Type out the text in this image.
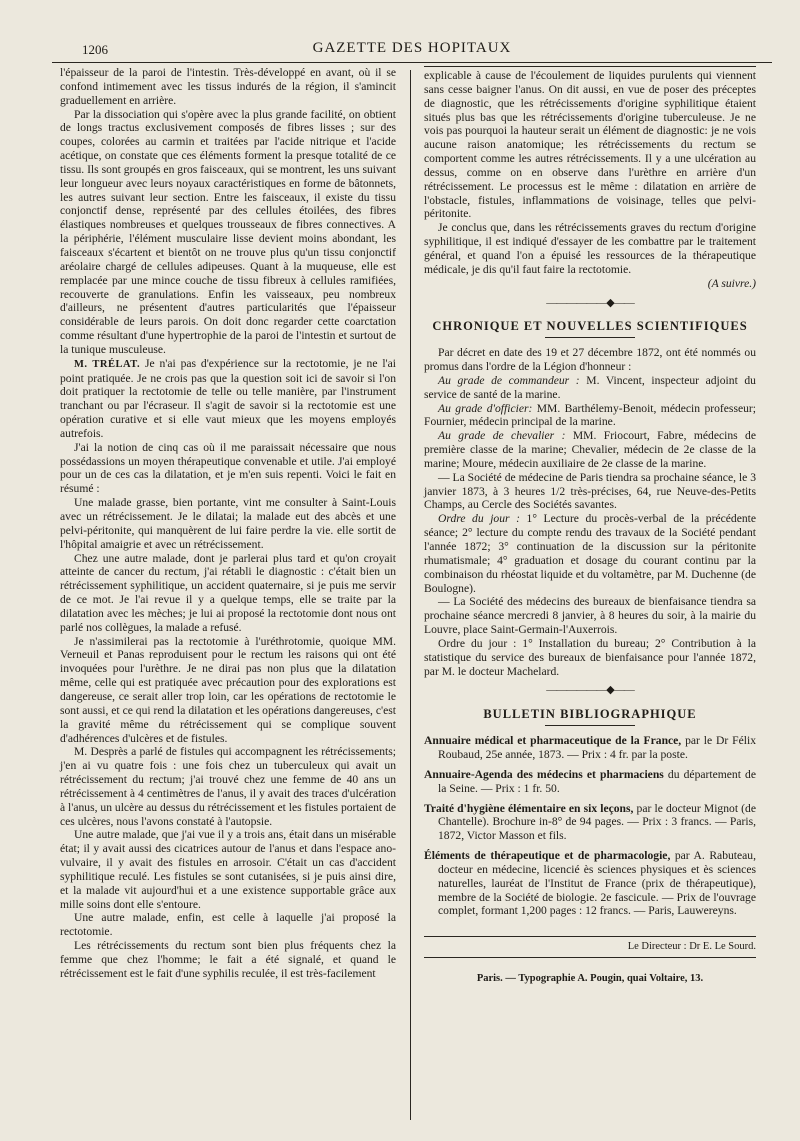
1206	GAZETTE DES HOPITAUX

l'épaisseur de la paroi de l'intestin. Très-développé en avant, où il se confond intimement avec les tissus indurés de la région, il s'amincit graduellement en arrière.

Par la dissociation qui s'opère avec la plus grande facilité, on obtient de longs tractus exclusivement composés de fibres lisses ; sur des coupes, colorées au carmin et traitées par l'acide nitrique et l'acide acétique, on constate que ces éléments forment la presque totalité de ce tissu. Ils sont groupés en gros faisceaux, qui se montrent, les uns suivant leur longueur avec leurs noyaux caractéristiques en forme de bâtonnets, les autres suivant leur section. Entre les faisceaux, il existe du tissu conjonctif dense, représenté par des cellules étoilées, des fibres élastiques nombreuses et quelques trousseaux de fibres connectives. A la périphérie, l'élément musculaire lisse devient moins abondant, les faisceaux s'écartent et bientôt on ne trouve plus qu'un tissu conjonctif aréolaire chargé de cellules adipeuses. Quant à la muqueuse, elle est remplacée par une mince couche de tissu fibreux à cellules ramifiées, recouverte de granulations. Enfin les vaisseaux, peu nombreux d'ailleurs, ne présentent d'autres particularités que l'épaisseur considérable de leurs parois. On doit donc regarder cette coarctation comme résultant d'une hypertrophie de la paroi de l'intestin et surtout de la tunique musculeuse.

M. TRÉLAT. Je n'ai pas d'expérience sur la rectotomie, je ne l'ai point pratiquée. Je ne crois pas que la question soit ici de savoir si l'on doit pratiquer la rectotomie de telle ou telle manière, par l'instrument tranchant ou par l'écraseur. Il s'agit de savoir si la rectotomie est une opération curative et si elle vaut mieux que les moyens employés autrefois.

J'ai la notion de cinq cas où il me paraissait nécessaire que nous possédassions un moyen thérapeutique convenable et utile. J'ai employé pour un de ces cas la dilatation, et je m'en suis repenti. Voici le fait en résumé :

Une malade grasse, bien portante, vint me consulter à Saint-Louis avec un rétrécissement. Je le dilatai; la malade eut des abcès et une pelvi-péritonite, qui manquèrent de lui faire perdre la vie. elle sortit de l'hôpital amaigrie et avec un rétrécissement.

Chez une autre malade, dont je parlerai plus tard et qu'on croyait atteinte de cancer du rectum, j'ai rétabli le diagnostic : c'était bien un rétrécissement syphilitique, un accident quaternaire, si je puis me servir de ce mot. Je l'ai revue il y a quelque temps, elle se traite par la dilatation avec les mèches; je lui ai proposé la rectotomie dont nous ont parlé nos collègues, la malade a refusé.

Je n'assimilerai pas la rectotomie à l'uréthrotomie, quoique MM. Verneuil et Panas reproduisent pour le rectum les raisons qui ont été invoquées pour l'urèthre. Je ne dirai pas non plus que la dilatation même, celle qui est pratiquée avec précaution pour des explorations est dangereuse, ce serait aller trop loin, car les opérations de rectotomie le sont aussi, et ce qui rend la dilatation et les opérations dangereuses, c'est la gravité même du rétrécissement qui se complique souvent d'adhérences d'ulcères et de fistules.

M. Desprès a parlé de fistules qui accompagnent les rétrécissements; j'en ai vu quatre fois : une fois chez un tuberculeux qui avait un rétrécissement du rectum; j'ai trouvé chez une femme de 40 ans un rétrécissement à 4 centimètres de l'anus, il y avait des traces d'ulcération à l'anus, un ulcère au dessus du rétrécissement et les fistules portaient de ces ulcères, nous l'avons constaté à l'autopsie.

Une autre malade, que j'ai vue il y a trois ans, était dans un misérable état; il y avait aussi des cicatrices autour de l'anus et dans l'espace ano-vulvaire, il y avait des fistules en arrosoir. C'était un cas d'accident syphilitique reculé. Les fistules se sont cutanisées, si je puis ainsi dire, et la malade vit aujourd'hui et a une existence supportable grâce aux mille soins dont elle s'entoure.

Une autre malade, enfin, est celle à laquelle j'ai proposé la rectotomie.

Les rétrécissements du rectum sont bien plus fréquents chez la femme que chez l'homme; le fait a été signalé, et quand le rétrécissement est le fait d'une syphilis reculée, il est très-facilement

explicable à cause de l'écoulement de liquides purulents qui viennent sans cesse baigner l'anus. On dit aussi, en vue de poser des préceptes de diagnostic, que les rétrécissements d'origine syphilitique étaient situés plus bas que les rétrécissements d'origine tuberculeuse. Je ne vois pas pourquoi la hauteur serait un élément de diagnostic: je ne vois aucune raison anatomique; les rétrécissements du rectum se comportent comme les autres rétrécissements. Il y a une ulcération au dessus, comme on en observe dans l'urèthre en arrière d'un rétrécissement. Le processus est le même : dilatation en arrière de l'obstacle, fistules, inflammations de voisinage, telles que pelvi-péritonite.

Je conclus que, dans les rétrécissements graves du rectum d'origine syphilitique, il est indiqué d'essayer de les combattre par le traitement général, et quand l'on a épuisé les ressources de la thérapeutique médicale, je dis qu'il faut faire la rectotomie.

(A suivre.)

——————◆——
CHRONIQUE ET NOUVELLES SCIENTIFIQUES

Par décret en date des 19 et 27 décembre 1872, ont été nommés ou promus dans l'ordre de la Légion d'honneur :

Au grade de commandeur : M. Vincent, inspecteur adjoint du service de santé de la marine.

Au grade d'officier: MM. Barthélemy-Benoit, médecin professeur; Fournier, médecin principal de la marine.

Au grade de chevalier : MM. Friocourt, Fabre, médecins de première classe de la marine; Chevalier, médecin de 2e classe de la marine; Moure, médecin auxiliaire de 2e classe de la marine.

— La Société de médecine de Paris tiendra sa prochaine séance, le 3 janvier 1873, à 3 heures 1/2 très-précises, 64, rue Neuve-des-Petits Champs, au Cercle des Sociétés savantes.

Ordre du jour : 1° Lecture du procès-verbal de la précédente séance; 2° lecture du compte rendu des travaux de la Société pendant l'année 1872; 3° continuation de la discussion sur la péritonite rhumatismale; 4° graduation et dosage du courant continu par la combinaison du rhéostat liquide et du voltamètre, par M. Duchenne (de Boulogne).

— La Société des médecins des bureaux de bienfaisance tiendra sa prochaine séance mercredi 8 janvier, à 8 heures du soir, à la mairie du Louvre, place Saint-Germain-l'Auxerrois.

Ordre du jour : 1° Installation du bureau; 2° Contribution à la statistique du service des bureaux de bienfaisance pour l'année 1872, par M. le docteur Machelard.

——————◆——
BULLETIN BIBLIOGRAPHIQUE

Annuaire médical et pharmaceutique de la France, par le Dr Félix Roubaud, 25e année, 1873. — Prix : 4 fr. par la poste.

Annuaire-Agenda des médecins et pharmaciens du département de la Seine. — Prix : 1 fr. 50.

Traité d'hygiène élémentaire en six leçons, par le docteur Mignot (de Chantelle). Brochure in-8° de 94 pages. — Prix : 3 francs. — Paris, 1872, Victor Masson et fils.

Éléments de thérapeutique et de pharmacologie, par A. Rabuteau, docteur en médecine, licencié ès sciences physiques et ès sciences naturelles, lauréat de l'Institut de France (prix de thérapeutique), membre de la Société de biologie. 2e fascicule. — Prix de l'ouvrage complet, formant 1,200 pages : 12 francs. — Paris, Lauwereyns.

Le Directeur : Dr E. Le Sourd.

Paris. — Typographie A. Pougin, quai Voltaire, 13.
